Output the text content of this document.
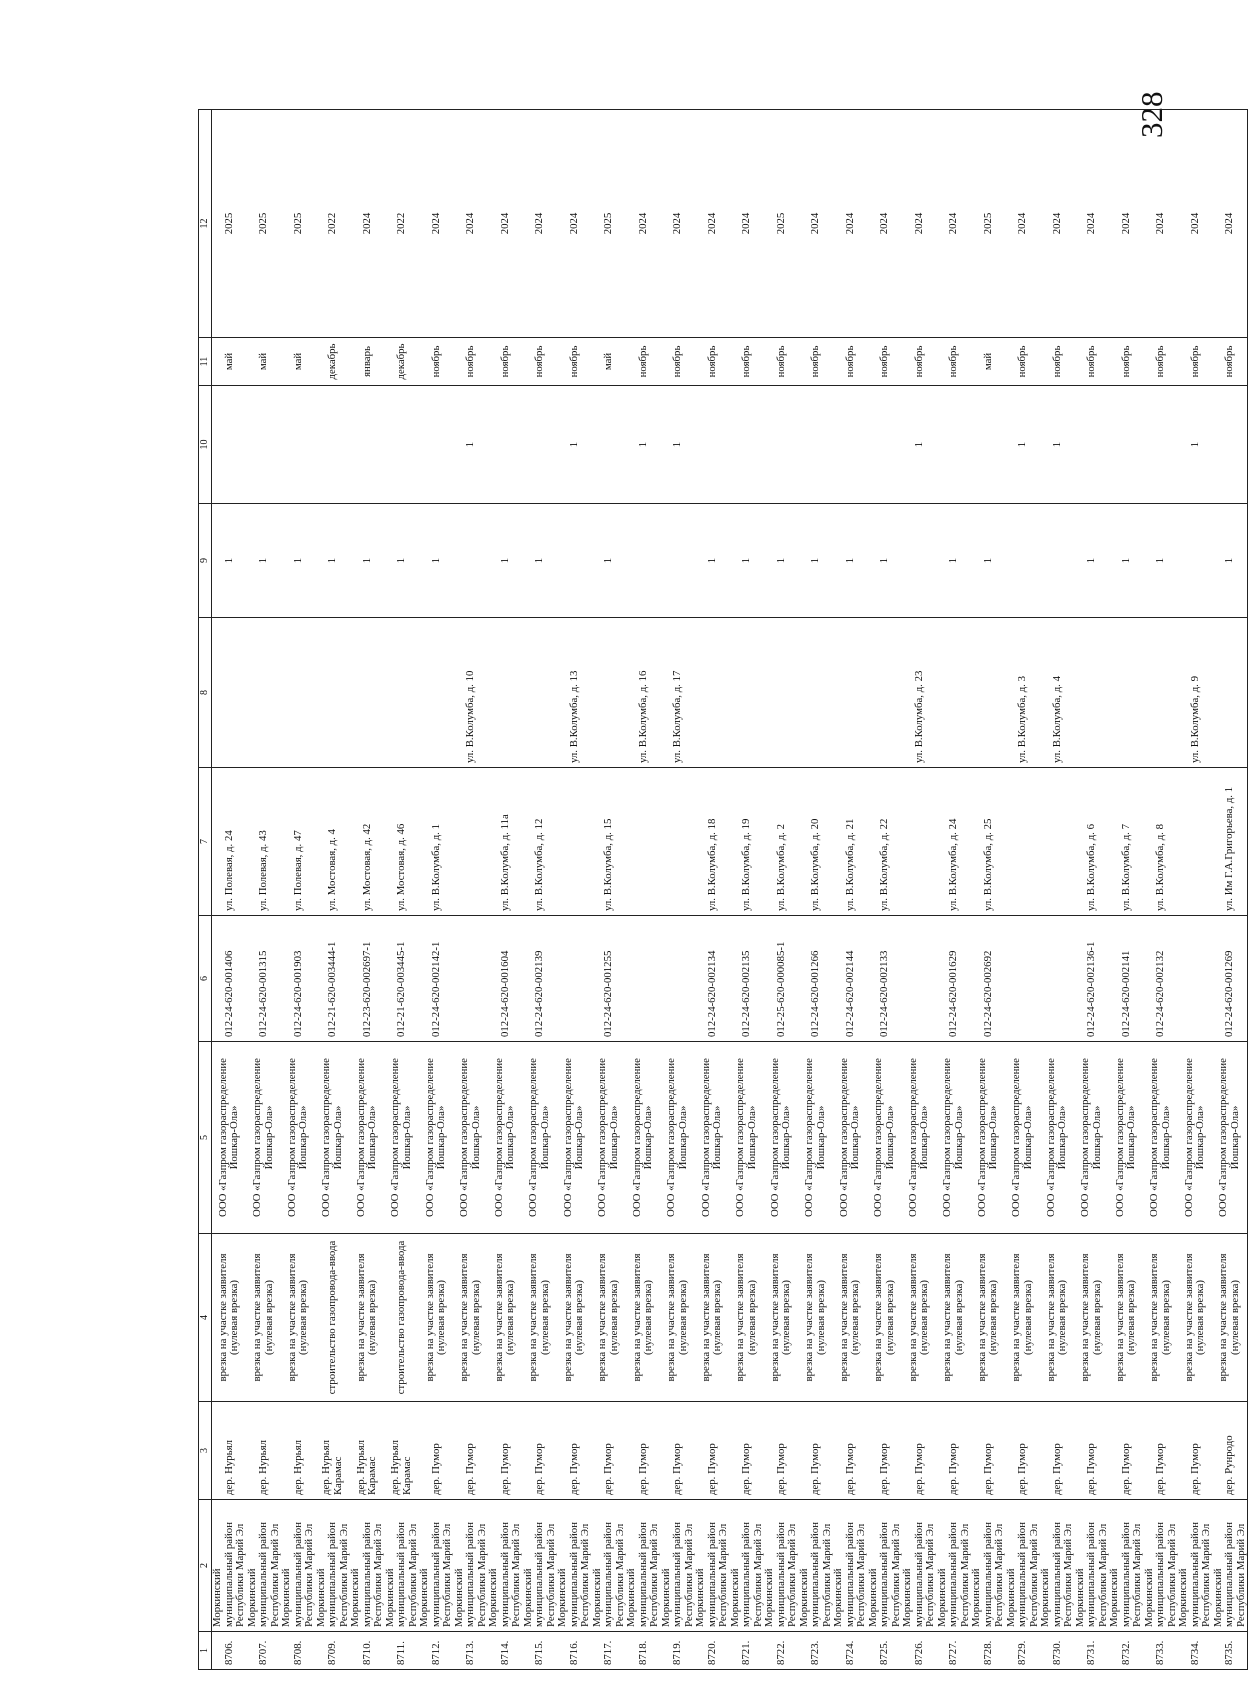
328
1	2	3	4	5	6	7	8	9	10	11	12
8706.	Моркинский муниципальный район Республики Марий Эл	дер. Нурьял	врезка на участке заявителя (нулевая врезка)	ООО «Газпром газораспределение Йошкар-Ола»	012-24-620-001406	ул. Полевая, д. 24		1		май	2025
8707.	Моркинский муниципальный район Республики Марий Эл	дер. Нурьял	врезка на участке заявителя (нулевая врезка)	ООО «Газпром газораспределение Йошкар-Ола»	012-24-620-001315	ул. Полевая, д. 43		1		май	2025
8708.	Моркинский муниципальный район Республики Марий Эл	дер. Нурьял	врезка на участке заявителя (нулевая врезка)	ООО «Газпром газораспределение Йошкар-Ола»	012-24-620-001903	ул. Полевая, д. 47		1		май	2025
8709.	Моркинский муниципальный район Республики Марий Эл	дер. Нурьял Карамас	строительство газопровода-ввода	ООО «Газпром газораспределение Йошкар-Ола»	012-21-620-003444-1	ул. Мостовая, д. 4		1		декабрь	2022
8710.	Моркинский муниципальный район Республики Марий Эл	дер. Нурьял Карамас	врезка на участке заявителя (нулевая врезка)	ООО «Газпром газораспределение Йошкар-Ола»	012-23-620-002697-1	ул. Мостовая, д. 42		1		январь	2024
8711.	Моркинский муниципальный район Республики Марий Эл	дер. Нурьял Карамас	строительство газопровода-ввода	ООО «Газпром газораспределение Йошкар-Ола»	012-21-620-003445-1	ул. Мостовая, д. 46		1		декабрь	2022
8712.	Моркинский муниципальный район Республики Марий Эл	дер. Пумор	врезка на участке заявителя (нулевая врезка)	ООО «Газпром газораспределение Йошкар-Ола»	012-24-620-002142-1	ул. В.Колумба, д. 1		1		ноябрь	2024
8713.	Моркинский муниципальный район Республики Марий Эл	дер. Пумор	врезка на участке заявителя (нулевая врезка)	ООО «Газпром газораспределение Йошкар-Ола»			ул. В.Колумба, д. 10		1	ноябрь	2024
8714.	Моркинский муниципальный район Республики Марий Эл	дер. Пумор	врезка на участке заявителя (нулевая врезка)	ООО «Газпром газораспределение Йошкар-Ола»	012-24-620-001604	ул. В.Колумба, д. 11а		1		ноябрь	2024
8715.	Моркинский муниципальный район Республики Марий Эл	дер. Пумор	врезка на участке заявителя (нулевая врезка)	ООО «Газпром газораспределение Йошкар-Ола»	012-24-620-002139	ул. В.Колумба, д. 12		1		ноябрь	2024
8716.	Моркинский муниципальный район Республики Марий Эл	дер. Пумор	врезка на участке заявителя (нулевая врезка)	ООО «Газпром газораспределение Йошкар-Ола»			ул. В.Колумба, д. 13		1	ноябрь	2024
8717.	Моркинский муниципальный район Республики Марий Эл	дер. Пумор	врезка на участке заявителя (нулевая врезка)	ООО «Газпром газораспределение Йошкар-Ола»	012-24-620-001255	ул. В.Колумба, д. 15		1		май	2025
8718.	Моркинский муниципальный район Республики Марий Эл	дер. Пумор	врезка на участке заявителя (нулевая врезка)	ООО «Газпром газораспределение Йошкар-Ола»			ул. В.Колумба, д. 16		1	ноябрь	2024
8719.	Моркинский муниципальный район Республики Марий Эл	дер. Пумор	врезка на участке заявителя (нулевая врезка)	ООО «Газпром газораспределение Йошкар-Ола»			ул. В.Колумба, д. 17		1	ноябрь	2024
8720.	Моркинский муниципальный район Республики Марий Эл	дер. Пумор	врезка на участке заявителя (нулевая врезка)	ООО «Газпром газораспределение Йошкар-Ола»	012-24-620-002134	ул. В.Колумба, д. 18		1		ноябрь	2024
8721.	Моркинский муниципальный район Республики Марий Эл	дер. Пумор	врезка на участке заявителя (нулевая врезка)	ООО «Газпром газораспределение Йошкар-Ола»	012-24-620-002135	ул. В.Колумба, д. 19		1		ноябрь	2024
8722.	Моркинский муниципальный район Республики Марий Эл	дер. Пумор	врезка на участке заявителя (нулевая врезка)	ООО «Газпром газораспределение Йошкар-Ола»	012-25-620-000085-1	ул. В.Колумба, д. 2		1		ноябрь	2025
8723.	Моркинский муниципальный район Республики Марий Эл	дер. Пумор	врезка на участке заявителя (нулевая врезка)	ООО «Газпром газораспределение Йошкар-Ола»	012-24-620-001266	ул. В.Колумба, д. 20		1		ноябрь	2024
8724.	Моркинский муниципальный район Республики Марий Эл	дер. Пумор	врезка на участке заявителя (нулевая врезка)	ООО «Газпром газораспределение Йошкар-Ола»	012-24-620-002144	ул. В.Колумба, д. 21		1		ноябрь	2024
8725.	Моркинский муниципальный район Республики Марий Эл	дер. Пумор	врезка на участке заявителя (нулевая врезка)	ООО «Газпром газораспределение Йошкар-Ола»	012-24-620-002133	ул. В.Колумба, д. 22		1		ноябрь	2024
8726.	Моркинский муниципальный район Республики Марий Эл	дер. Пумор	врезка на участке заявителя (нулевая врезка)	ООО «Газпром газораспределение Йошкар-Ола»			ул. В.Колумба, д. 23		1	ноябрь	2024
8727.	Моркинский муниципальный район Республики Марий Эл	дер. Пумор	врезка на участке заявителя (нулевая врезка)	ООО «Газпром газораспределение Йошкар-Ола»	012-24-620-001629	ул. В.Колумба, д. 24		1		ноябрь	2024
8728.	Моркинский муниципальный район Республики Марий Эл	дер. Пумор	врезка на участке заявителя (нулевая врезка)	ООО «Газпром газораспределение Йошкар-Ола»	012-24-620-002692	ул. В.Колумба, д. 25		1		май	2025
8729.	Моркинский муниципальный район Республики Марий Эл	дер. Пумор	врезка на участке заявителя (нулевая врезка)	ООО «Газпром газораспределение Йошкар-Ола»			ул. В.Колумба, д. 3		1	ноябрь	2024
8730.	Моркинский муниципальный район Республики Марий Эл	дер. Пумор	врезка на участке заявителя (нулевая врезка)	ООО «Газпром газораспределение Йошкар-Ола»			ул. В.Колумба, д. 4		1	ноябрь	2024
8731.	Моркинский муниципальный район Республики Марий Эл	дер. Пумор	врезка на участке заявителя (нулевая врезка)	ООО «Газпром газораспределение Йошкар-Ола»	012-24-620-002136-1	ул. В.Колумба, д. 6		1		ноябрь	2024
8732.	Моркинский муниципальный район Республики Марий Эл	дер. Пумор	врезка на участке заявителя (нулевая врезка)	ООО «Газпром газораспределение Йошкар-Ола»	012-24-620-002141	ул. В.Колумба, д. 7		1		ноябрь	2024
8733.	Моркинский муниципальный район Республики Марий Эл	дер. Пумор	врезка на участке заявителя (нулевая врезка)	ООО «Газпром газораспределение Йошкар-Ола»	012-24-620-002132	ул. В.Колумба, д. 8		1		ноябрь	2024
8734.	Моркинский муниципальный район Республики Марий Эл	дер. Пумор	врезка на участке заявителя (нулевая врезка)	ООО «Газпром газораспределение Йошкар-Ола»			ул. В.Колумба, д. 9		1	ноябрь	2024
8735.	Моркинский муниципальный район Республики Марий Эл	дер. Рунродо	врезка на участке заявителя (нулевая врезка)	ООО «Газпром газораспределение Йошкар-Ола»	012-24-620-001269	ул. Им Г.А.Григорьева, д. 1		1		ноябрь	2024
